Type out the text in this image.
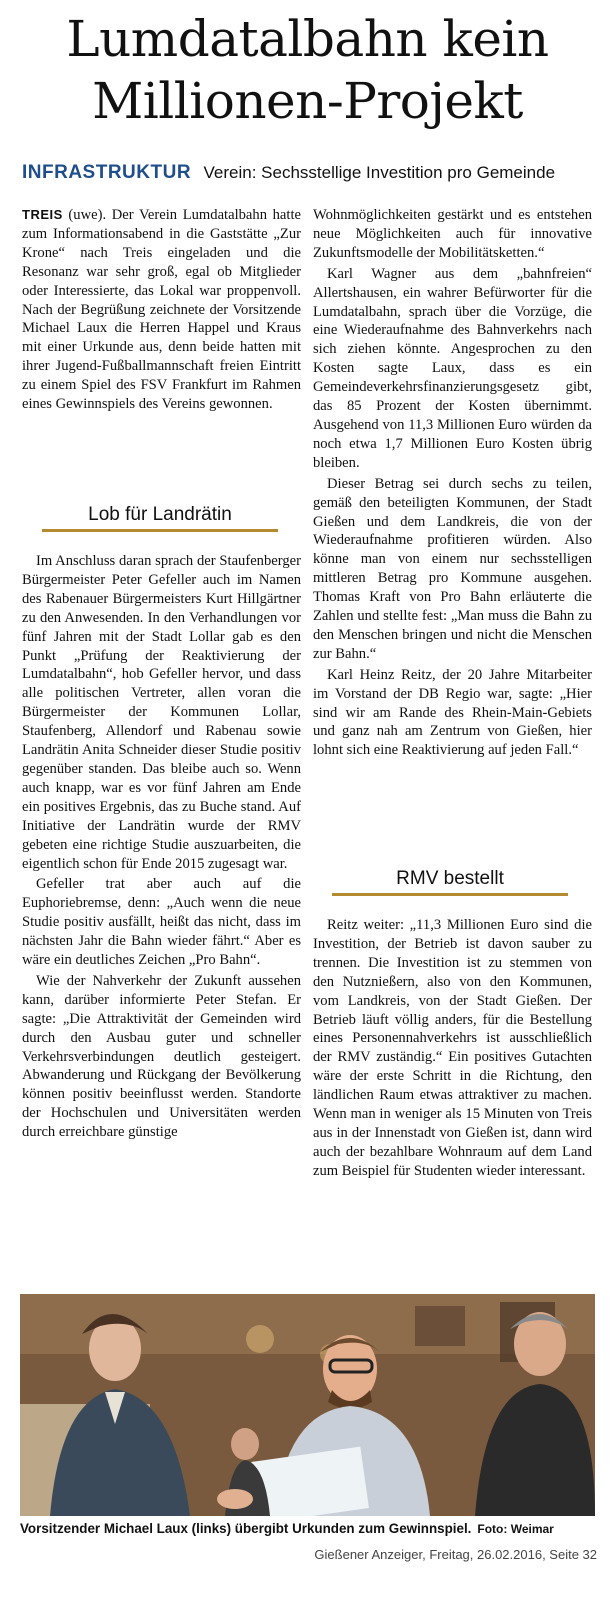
Lumdatalbahn kein
Millionen-Projekt
INFRASTRUKTUR Verein: Sechsstellige Investition pro Gemeinde

TREIS (uwe). Der Verein Lumdatalbahn hatte zum Informationsabend in die Gaststätte „Zur Krone“ nach Treis eingeladen und die Resonanz war sehr groß, egal ob Mitglieder oder Interessierte, das Lokal war proppenvoll. Nach der Begrüßung zeichnete der Vorsitzende Michael Laux die Herren Happel und Kraus mit einer Urkunde aus, denn beide hatten mit ihrer Jugend-Fußballmannschaft freien Eintritt zu einem Spiel des FSV Frankfurt im Rahmen eines Gewinnspiels des Vereins gewonnen.

Lob für Landrätin

Im Anschluss daran sprach der Staufenberger Bürgermeister Peter Gefeller auch im Namen des Rabenauer Bürgermeisters Kurt Hillgärtner zu den Anwesenden. In den Verhandlungen vor fünf Jahren mit der Stadt Lollar gab es den Punkt „Prüfung der Reaktivierung der Lumdatalbahn“, hob Gefeller hervor, und dass alle politischen Vertreter, allen voran die Bürgermeister der Kommunen Lollar, Staufenberg, Allendorf und Rabenau sowie Landrätin Anita Schneider dieser Studie positiv gegenüber standen. Das bleibe auch so. Wenn auch knapp, war es vor fünf Jahren am Ende ein positives Ergebnis, das zu Buche stand. Auf Initiative der Landrätin wurde der RMV gebeten eine richtige Studie auszuarbeiten, die eigentlich schon für Ende 2015 zugesagt war.

Gefeller trat aber auch auf die Euphoriebremse, denn: „Auch wenn die neue Studie positiv ausfällt, heißt das nicht, dass im nächsten Jahr die Bahn wieder fährt.“ Aber es wäre ein deutliches Zeichen „Pro Bahn“.

Wie der Nahverkehr der Zukunft aussehen kann, darüber informierte Peter Stefan. Er sagte: „Die Attraktivität der Gemeinden wird durch den Ausbau guter und schneller Verkehrsverbindungen deutlich gesteigert. Abwanderung und Rückgang der Bevölkerung können positiv beeinflusst werden. Standorte der Hochschulen und Universitäten werden durch erreichbare günstige

Wohnmöglichkeiten gestärkt und es entstehen neue Möglichkeiten auch für innovative Zukunftsmodelle der Mobilitätsketten.“

Karl Wagner aus dem „bahnfreien“ Allertshausen, ein wahrer Befürworter für die Lumdatalbahn, sprach über die Vorzüge, die eine Wiederaufnahme des Bahnverkehrs nach sich ziehen könnte. Angesprochen zu den Kosten sagte Laux, dass es ein Gemeindeverkehrsfinanzierungsgesetz gibt, das 85 Prozent der Kosten übernimmt. Ausgehend von 11,3 Millionen Euro würden da noch etwa 1,7 Millionen Euro Kosten übrig bleiben.

Dieser Betrag sei durch sechs zu teilen, gemäß den beteiligten Kommunen, der Stadt Gießen und dem Landkreis, die von der Wiederaufnahme profitieren würden. Also könne man von einem nur sechsstelligen mittleren Betrag pro Kommune ausgehen. Thomas Kraft von Pro Bahn erläuterte die Zahlen und stellte fest: „Man muss die Bahn zu den Menschen bringen und nicht die Menschen zur Bahn.“

Karl Heinz Reitz, der 20 Jahre Mitarbeiter im Vorstand der DB Regio war, sagte: „Hier sind wir am Rande des Rhein-Main-Gebiets und ganz nah am Zentrum von Gießen, hier lohnt sich eine Reaktivierung auf jeden Fall.“

RMV bestellt

Reitz weiter: „11,3 Millionen Euro sind die Investition, der Betrieb ist davon sauber zu trennen. Die Investition ist zu stemmen von den Nutznießern, also von den Kommunen, vom Landkreis, von der Stadt Gießen. Der Betrieb läuft völlig anders, für die Bestellung eines Personennahverkehrs ist ausschließlich der RMV zuständig.“ Ein positives Gutachten wäre der erste Schritt in die Richtung, den ländlichen Raum etwas attraktiver zu machen. Wenn man in weniger als 15 Minuten von Treis aus in der Innenstadt von Gießen ist, dann wird auch der bezahlbare Wohnraum auf dem Land zum Beispiel für Studenten wieder interessant.

Vorsitzender Michael Laux (links) übergibt Urkunden zum Gewinnspiel. Foto: Weimar
Gießener Anzeiger, Freitag, 26.02.2016, Seite 32
